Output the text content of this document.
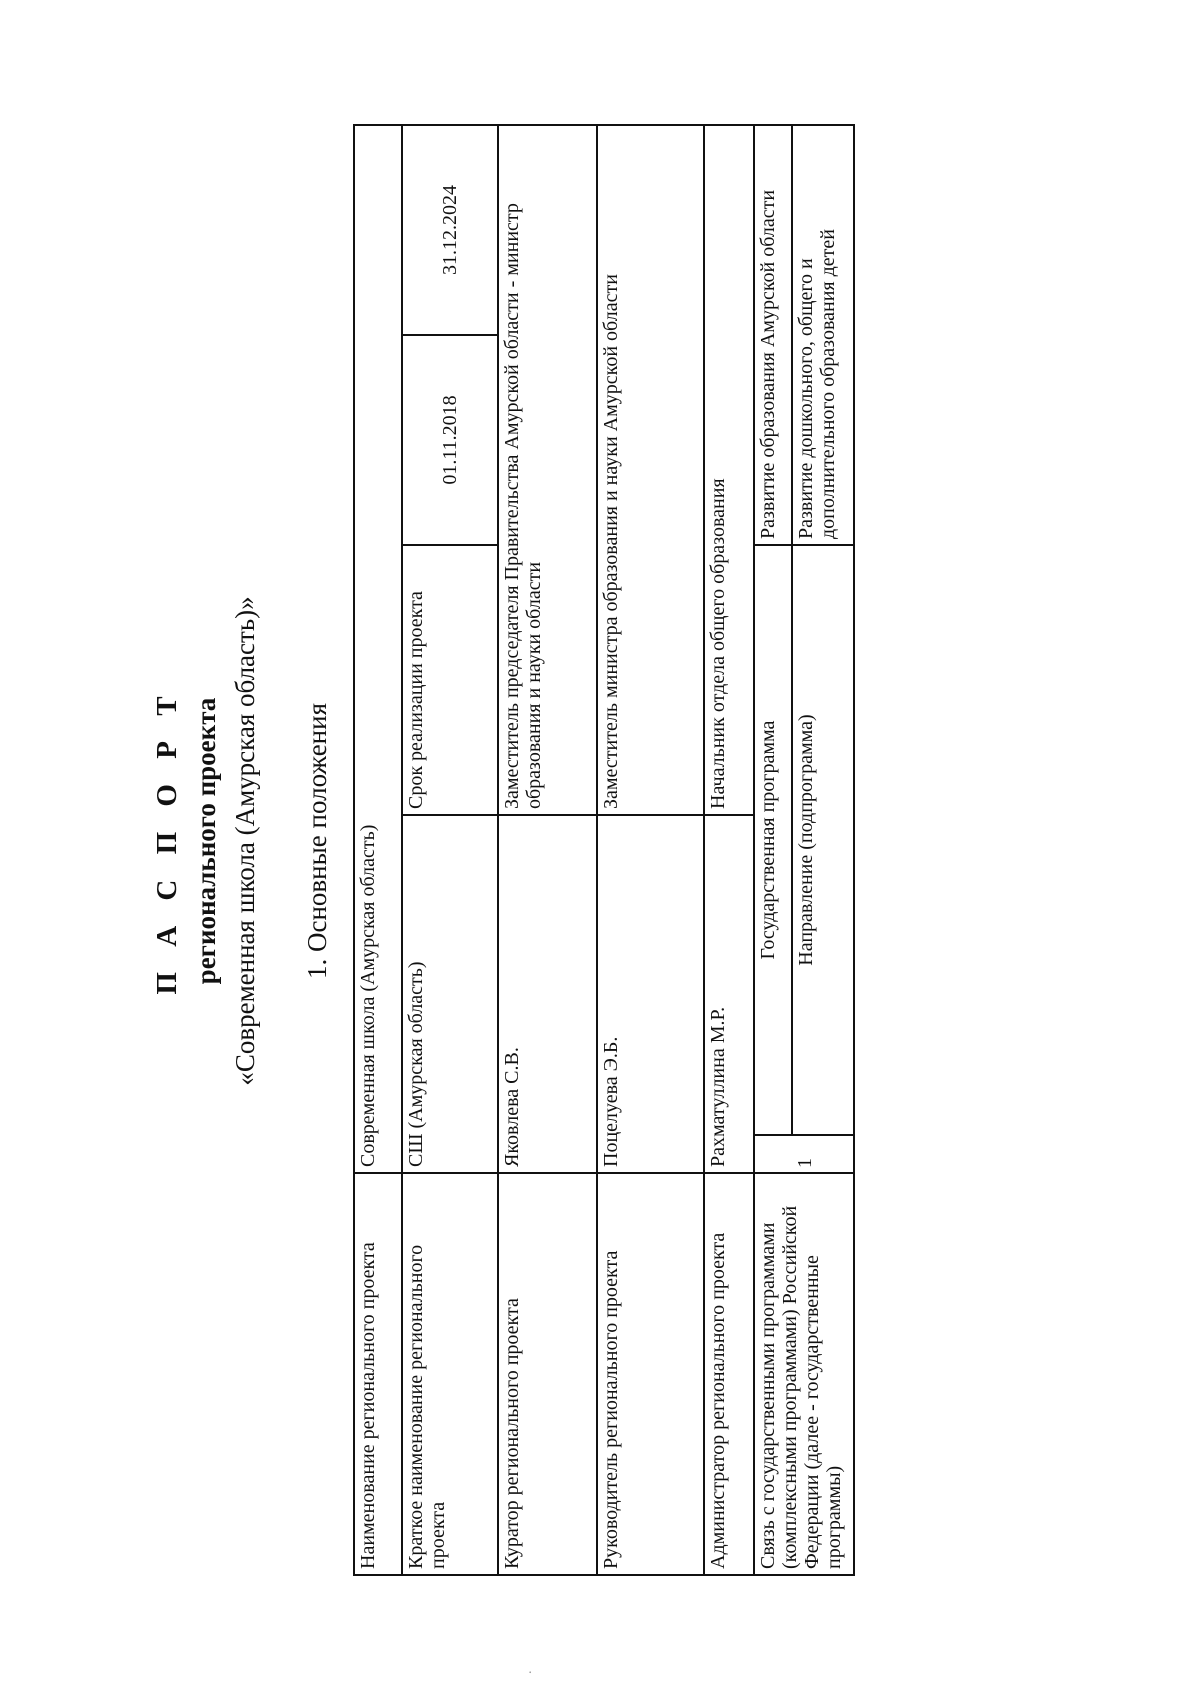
.
П А С П О Р Т регионального проекта «Современная школа (Амурская область)» 1. Основные положения
Наименование регионального проекта	Современная школа (Амурская область)				
Краткое наименование регионального проекта	СШ (Амурская область)		Срок реализации проекта	01.11.2018	31.12.2024
Куратор регионального проекта	Яковлева С.В.		Заместитель председателя Правительства Амурской области - министр образования и науки области		
Руководитель регионального проекта	Поцелуева Э.Б.		Заместитель министра образования и науки Амурской области		
Администратор регионального проекта	Рахматуллина М.Р.		Начальник отдела общего образования		
Связь с государственными программами (комплексными программами) Российской Федерации (далее - государственные программы)		Государственная программа		Развитие образования Амурской области	
	1	Направление (подпрограмма)		Развитие дошкольного, общего и дополнительного образования детей	
